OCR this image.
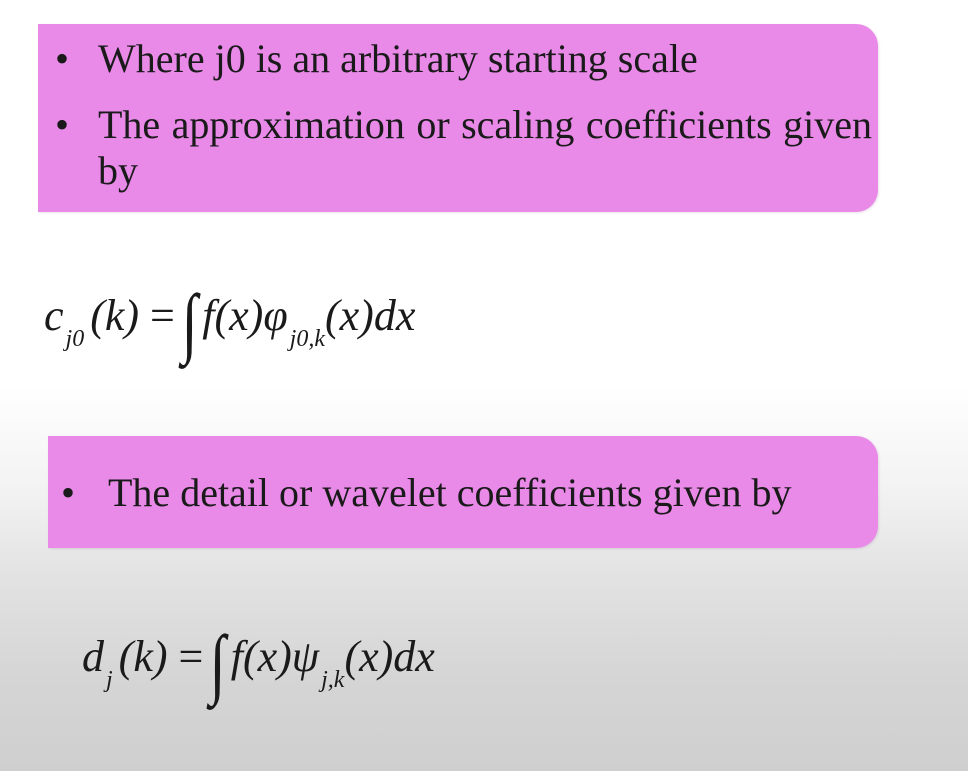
• Where j0 is an arbitrary starting scale
• The approximation or scaling coefficients given by
$c_{j0}$ (k) =∫ $f(x)\varphi_{j0,k}(x)dx$
• The detail or wavelet coefficients given by
$d_j$ (k) =∫ $f(x)\psi_{j,k}(x)dx$
